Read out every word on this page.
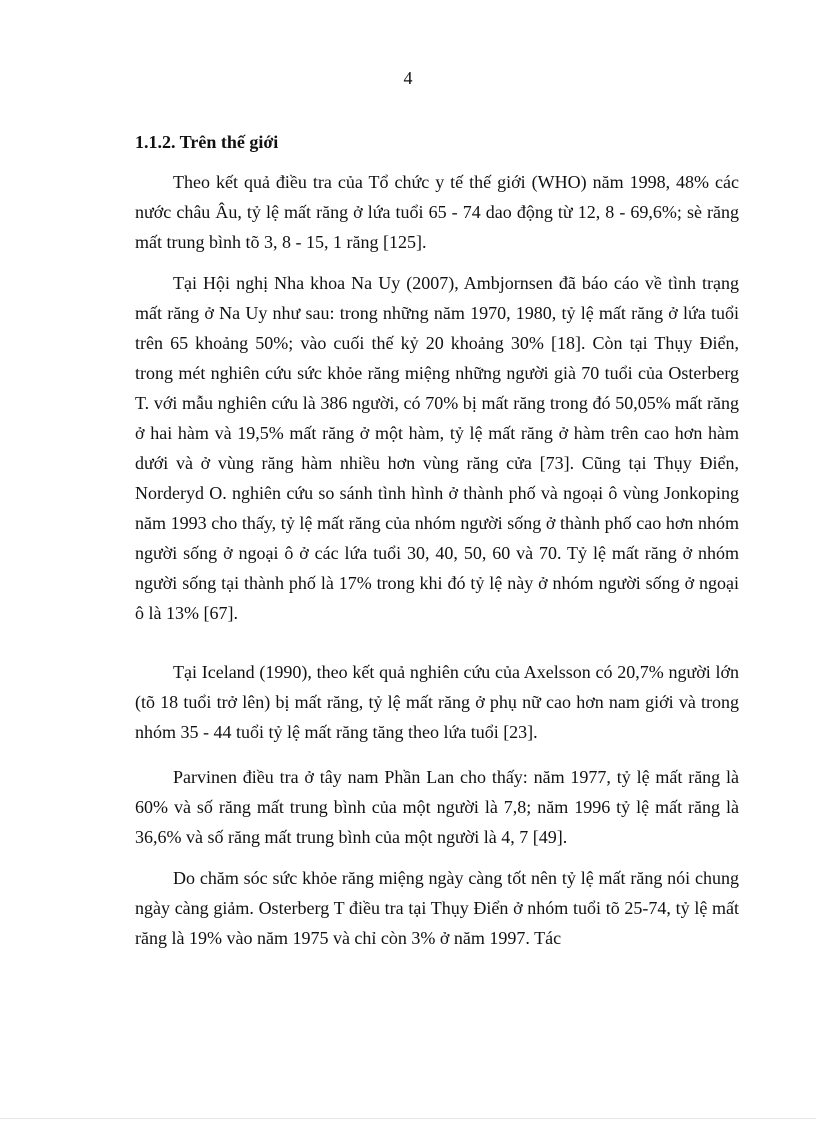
4
1.1.2. Trên thế giới

Theo kết quả điều tra của Tổ chức y tế thế giới (WHO) năm 1998, 48% các nước châu Âu, tỷ lệ mất răng ở lứa tuổi 65 - 74 dao động từ 12, 8 - 69,6%; sè răng mất trung bình tõ 3, 8 - 15, 1 răng [125].

Tại Hội nghị Nha khoa Na Uy (2007), Ambjornsen đã báo cáo về tình trạng mất răng ở Na Uy như sau: trong những năm 1970, 1980, tỷ lệ mất răng ở lứa tuổi trên 65 khoảng 50%; vào cuối thế kỷ 20 khoảng 30% [18]. Còn tại Thụy Điển, trong mét nghiên cứu sức khỏe răng miệng những người già 70 tuổi của Osterberg T. với mẫu nghiên cứu là 386 người, có 70% bị mất răng trong đó 50,05% mất răng ở hai hàm và 19,5% mất răng ở một hàm, tỷ lệ mất răng ở hàm trên cao hơn hàm dưới và ở vùng răng hàm nhiều hơn vùng răng cửa [73]. Cũng tại Thụy Điển, Norderyd O. nghiên cứu so sánh tình hình ở thành phố và ngoại ô vùng Jonkoping năm 1993 cho thấy, tỷ lệ mất răng của nhóm người sống ở thành phố cao hơn nhóm người sống ở ngoại ô ở các lứa tuổi 30, 40, 50, 60 và 70. Tỷ lệ mất răng ở nhóm người sống tại thành phố là 17% trong khi đó tỷ lệ này ở nhóm người sống ở ngoại ô là 13% [67].

Tại Iceland (1990), theo kết quả nghiên cứu của Axelsson có 20,7% người lớn (tõ 18 tuổi trở lên) bị mất răng, tỷ lệ mất răng ở phụ nữ cao hơn nam giới và trong nhóm 35 - 44 tuổi tỷ lệ mất răng tăng theo lứa tuổi [23].

Parvinen điều tra ở tây nam Phần Lan cho thấy: năm 1977, tỷ lệ mất răng là 60% và số răng mất trung bình của một người là 7,8; năm 1996 tỷ lệ mất răng là 36,6% và số răng mất trung bình của một người là 4, 7 [49].

Do chăm sóc sức khỏe răng miệng ngày càng tốt nên tỷ lệ mất răng nói chung ngày càng giảm. Osterberg T điều tra tại Thụy Điển ở nhóm tuổi tõ 25-74, tỷ lệ mất răng là 19% vào năm 1975 và chỉ còn 3% ở năm 1997. Tác
